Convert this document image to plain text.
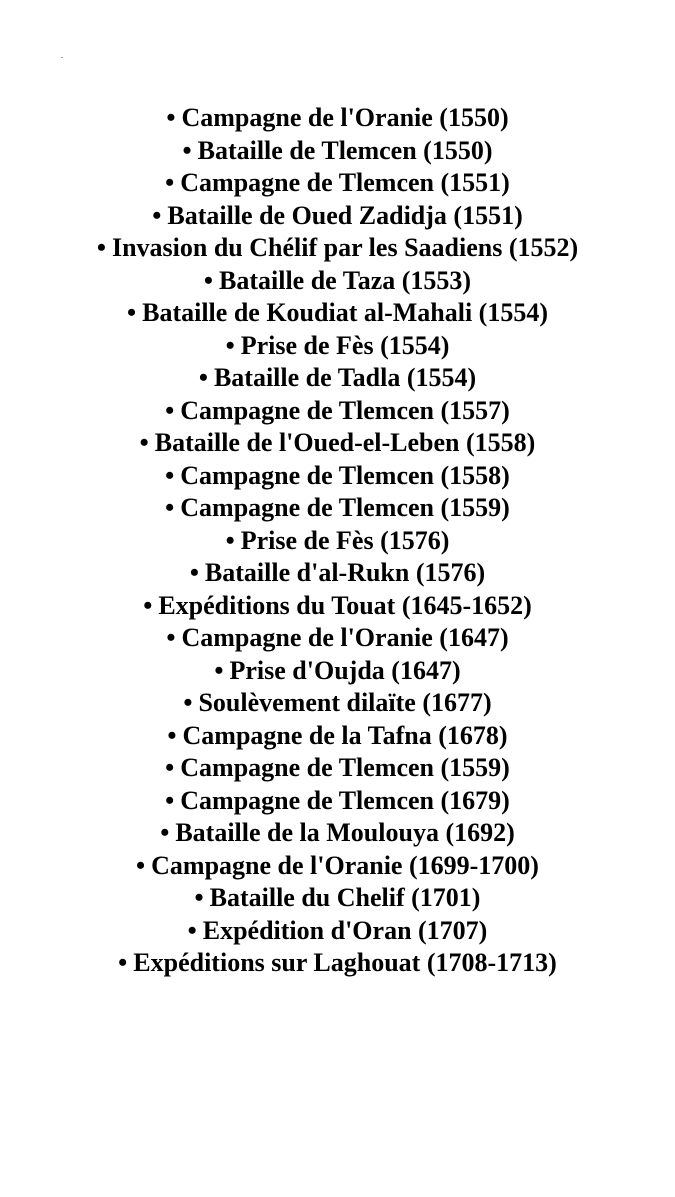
.
• Campagne de l'Oranie (1550)
• Bataille de Tlemcen (1550)
• Campagne de Tlemcen (1551)
• Bataille de Oued Zadidja (1551)
• Invasion du Chélif par les Saadiens (1552)
• Bataille de Taza (1553)
• Bataille de Koudiat al-Mahali (1554)
• Prise de Fès (1554)
• Bataille de Tadla (1554)
• Campagne de Tlemcen (1557)
• Bataille de l'Oued-el-Leben (1558)
• Campagne de Tlemcen (1558)
• Campagne de Tlemcen (1559)
• Prise de Fès (1576)
• Bataille d'al-Rukn (1576)
• Expéditions du Touat (1645-1652)
• Campagne de l'Oranie (1647)
• Prise d'Oujda (1647)
• Soulèvement dilaïte (1677)
• Campagne de la Tafna (1678)
• Campagne de Tlemcen (1559)
• Campagne de Tlemcen (1679)
• Bataille de la Moulouya (1692)
• Campagne de l'Oranie (1699-1700)
• Bataille du Chelif (1701)
• Expédition d'Oran (1707)
• Expéditions sur Laghouat (1708-1713)
